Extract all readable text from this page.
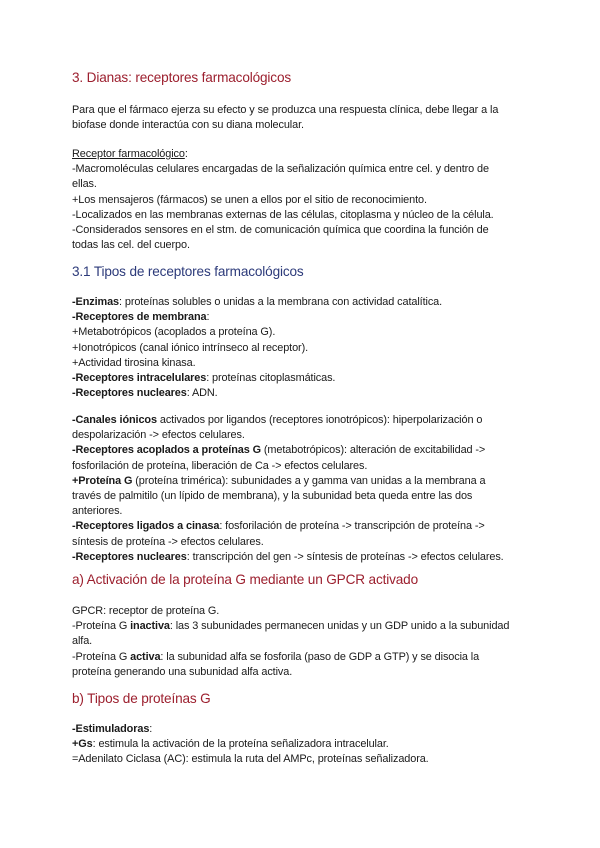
3. Dianas: receptores farmacológicos
Para que el fármaco ejerza su efecto y se produzca una respuesta clínica, debe llegar a la
biofase donde interactúa con su diana molecular.
Receptor farmacológico:
-Macromoléculas celulares encargadas de la señalización química entre cel. y dentro de
ellas.
+Los mensajeros (fármacos) se unen a ellos por el sitio de reconocimiento.
-Localizados en las membranas externas de las células, citoplasma y núcleo de la célula.
-Considerados sensores en el stm. de comunicación química que coordina la función de
todas las cel. del cuerpo.
3.1 Tipos de receptores farmacológicos
-Enzimas: proteínas solubles o unidas a la membrana con actividad catalítica.
-Receptores de membrana:
+Metabotrópicos (acoplados a proteína G).
+Ionotrópicos (canal iónico intrínseco al receptor).
+Actividad tirosina kinasa.
-Receptores intracelulares: proteínas citoplasmáticas.
-Receptores nucleares: ADN.
-Canales iónicos activados por ligandos (receptores ionotrópicos): hiperpolarización o
despolarización -> efectos celulares.
-Receptores acoplados a proteínas G (metabotrópicos): alteración de excitabilidad ->
fosforilación de proteína, liberación de Ca -> efectos celulares.
+Proteína G (proteína trimérica): subunidades a y gamma van unidas a la membrana a
través de palmitilo (un lípido de membrana), y la subunidad beta queda entre las dos
anteriores.
-Receptores ligados a cinasa: fosforilación de proteína -> transcripción de proteína ->
síntesis de proteína -> efectos celulares.
-Receptores nucleares: transcripción del gen -> síntesis de proteínas -> efectos celulares.
a) Activación de la proteína G mediante un GPCR activado
GPCR: receptor de proteína G.
-Proteína G inactiva: las 3 subunidades permanecen unidas y un GDP unido a la subunidad
alfa.
-Proteína G activa: la subunidad alfa se fosforila (paso de GDP a GTP) y se disocia la
proteína generando una subunidad alfa activa.
b) Tipos de proteínas G
-Estimuladoras:
+Gs: estimula la activación de la proteína señalizadora intracelular.
=Adenilato Ciclasa (AC): estimula la ruta del AMPc, proteínas señalizadora.
